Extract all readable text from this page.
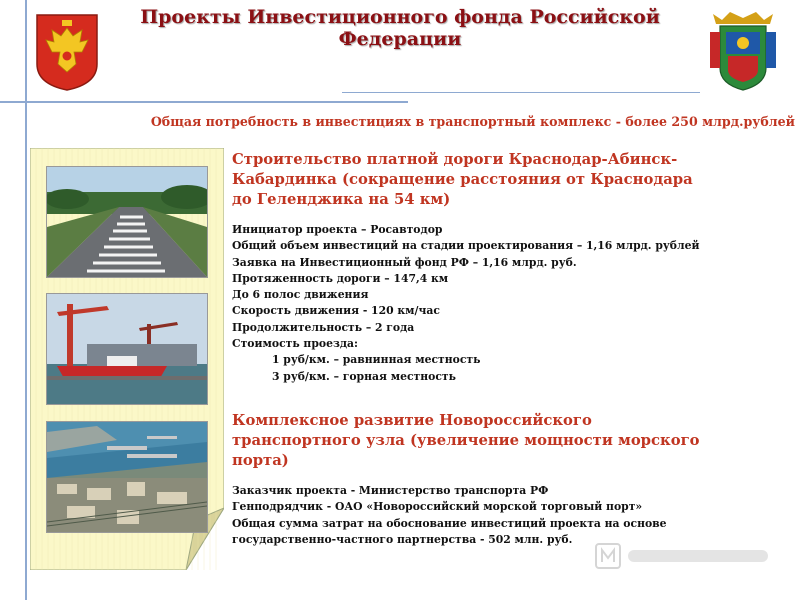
Проекты Инвестиционного фонда Российской
Федерации
Общая потребность в инвестициях в транспортный комплекс - более 250 млрд.рублей
Строительство платной дороги Краснодар-Абинск-
Кабардинка (сокращение расстояния от Краснодара
до Геленджика на 54 км)
Инициатор проекта – Росавтодор
Общий объем инвестиций на стадии проектирования – 1,16 млрд. рублей
Заявка на Инвестиционный фонд РФ – 1,16 млрд. руб.
Протяженность дороги – 147,4 км
До 6 полос движения
Скорость движения - 120 км/час
Продолжительность – 2 года
Стоимость проезда:
1 руб/км. – равнинная местность
3 руб/км. – горная местность
Комплексное развитие Новороссийского
транспортного узла (увеличение мощности морского
порта)
Заказчик проекта - Министерство транспорта РФ
Генподрядчик - ОАО «Новороссийский морской торговый порт»
Общая сумма затрат на обоснование инвестиций проекта на основе
государственно-частного партнерства - 502 млн. руб.
